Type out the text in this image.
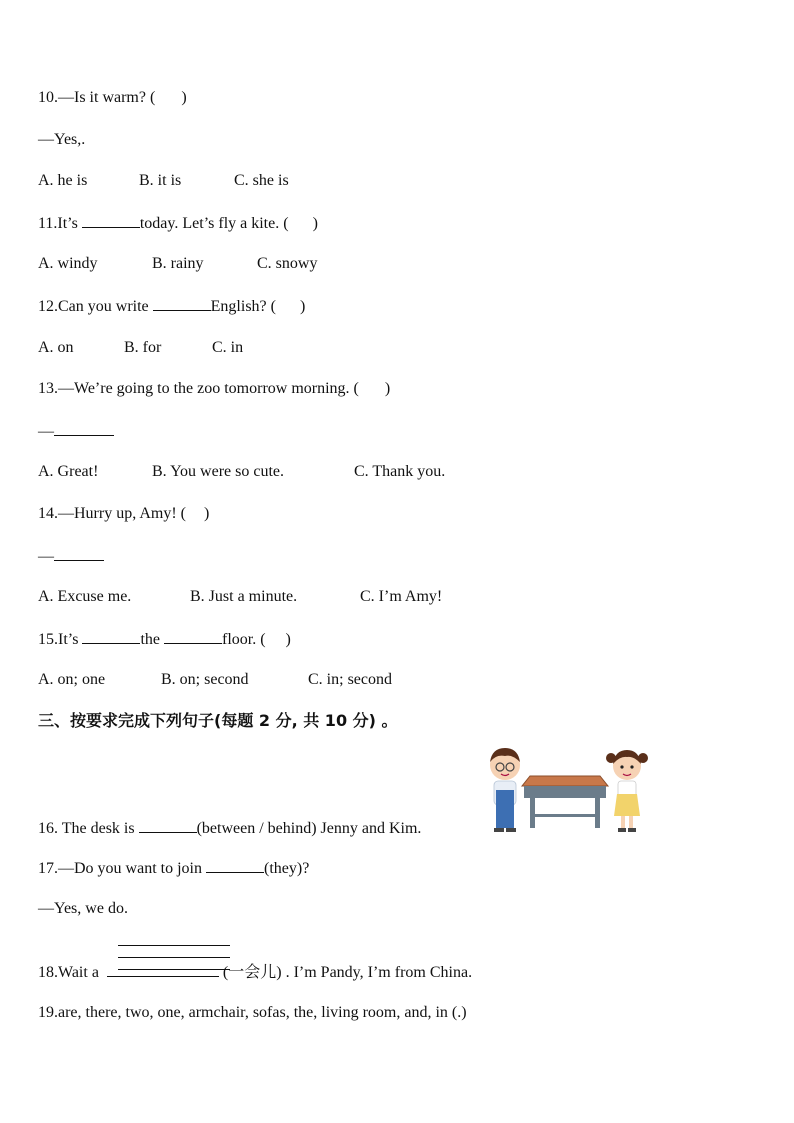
10.—Is it warm? ( )
—Yes,.
A. he is	B. it is	C. she is
11.It’s	today. Let’s fly a kite. ( )
A. windy	B. rainy	C. snowy
12.Can you write	English? ( )
A. on	B. for	C. in
13.—We’re going to the zoo tomorrow morning. ( )
—
A. Great!	B. You were so cute.	C. Thank you.
14.—Hurry up, Amy! ( )
—
A. Excuse me.	B. Just a minute.	C. I’m Amy!
15.It’s	the	floor. ( )
A. on; one	B. on; second	C. in; second
三、按要求完成下列句子(每题 2 分, 共 10 分) 。
16. The desk is	(between / behind) Jenny and Kim.
17.—Do you want to join	(they)?
—Yes, we do.
18.Wait a	(一会儿) . I’m Pandy, I’m from China.
19.are, there, two, one, armchair, sofas, the, living room, and, in (.)
